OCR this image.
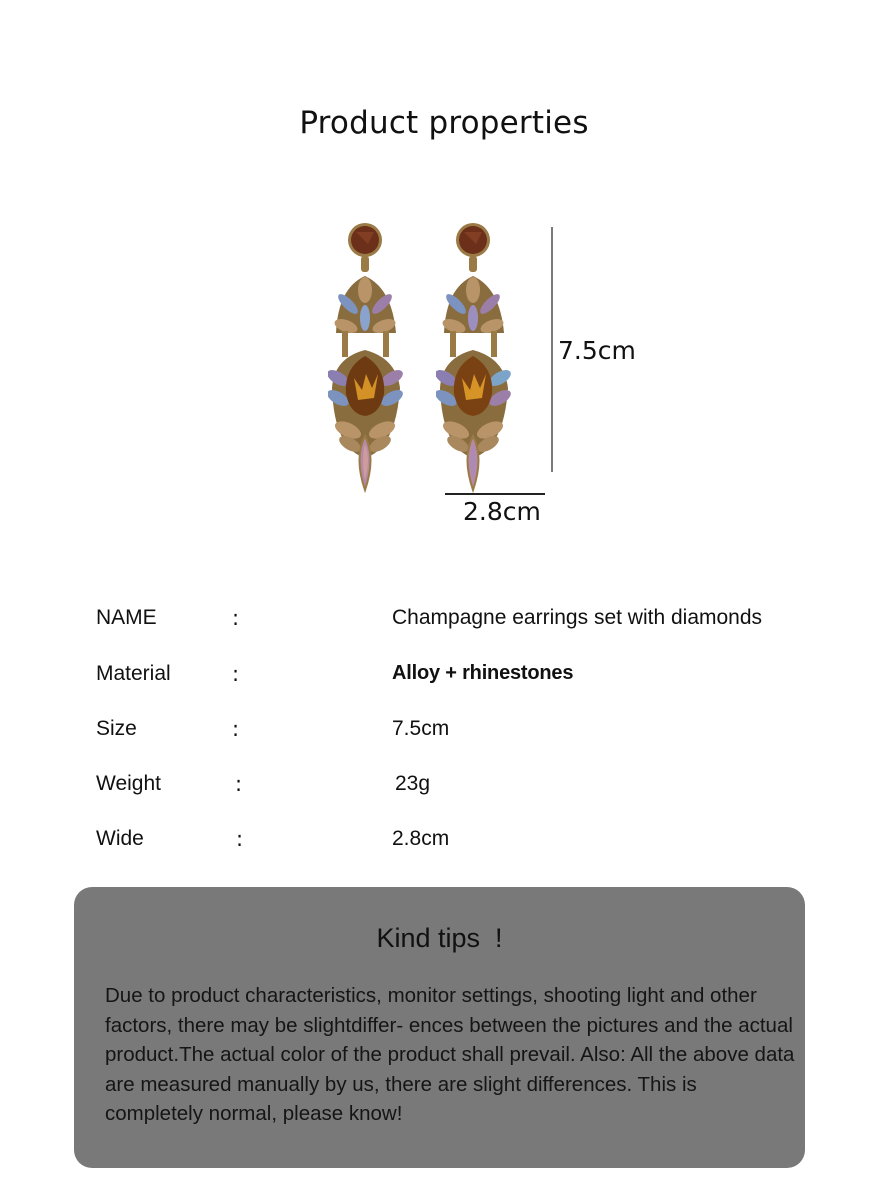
Product properties
7.5cm
2.8cm
NAME	:	Champagne earrings set with diamonds
Material	:	Alloy + rhinestones
Size	:	7.5cm
Weight	:	23g
Wide	:	2.8cm
Kind tips  !
Due to product characteristics, monitor settings, shooting light and other factors, there may be slightdiffer- ences between the pictures and the actual product.The actual color of the product shall prevail. Also: All the above data are measured manually by us, there are slight differences. This is completely normal, please know!
